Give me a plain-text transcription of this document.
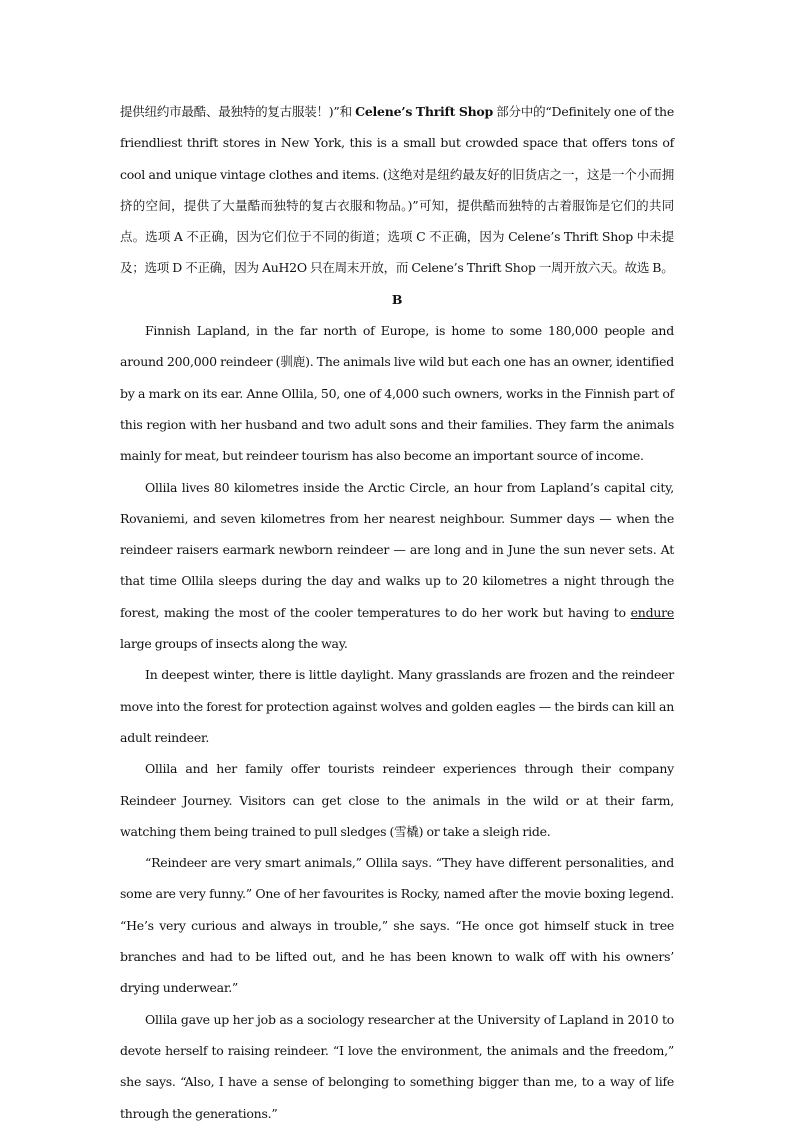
提供纽约市最酷、最独特的复古服装！)”和 Celene’s Thrift Shop 部分中的“Definitely one of the friendliest thrift stores in New York, this is a small but crowded space that offers tons of cool and unique vintage clothes and items. (这绝对是纽约最友好的旧货店之一，这是一个小而拥挤的空间，提供了大量酷而独特的复古衣服和物品。)”可知，提供酷而独特的古着服饰是它们的共同点。选项 A 不正确，因为它们位于不同的街道；选项 C 不正确，因为 Celene’s Thrift Shop 中未提及；选项 D 不正确，因为 AuH2O 只在周末开放，而 Celene’s Thrift Shop 一周开放六天。故选 B。

B

Finnish Lapland, in the far north of Europe, is home to some 180,000 people and around 200,000 reindeer (驯鹿). The animals live wild but each one has an owner, identified by a mark on its ear. Anne Ollila, 50, one of 4,000 such owners, works in the Finnish part of this region with her husband and two adult sons and their families. They farm the animals mainly for meat, but reindeer tourism has also become an important source of income.

Ollila lives 80 kilometres inside the Arctic Circle, an hour from Lapland’s capital city, Rovaniemi, and seven kilometres from her nearest neighbour. Summer days — when the reindeer raisers earmark newborn reindeer — are long and in June the sun never sets. At that time Ollila sleeps during the day and walks up to 20 kilometres a night through the forest, making the most of the cooler temperatures to do her work but having to endure large groups of insects along the way.

In deepest winter, there is little daylight. Many grasslands are frozen and the reindeer move into the forest for protection against wolves and golden eagles — the birds can kill an adult reindeer.

Ollila and her family offer tourists reindeer experiences through their company Reindeer Journey. Visitors can get close to the animals in the wild or at their farm, watching them being trained to pull sledges (雪橇) or take a sleigh ride.

“Reindeer are very smart animals,” Ollila says. “They have different personalities, and some are very funny.” One of her favourites is Rocky, named after the movie boxing legend. “He’s very curious and always in trouble,” she says. “He once got himself stuck in tree branches and had to be lifted out, and he has been known to walk off with his owners’ drying underwear.”

Ollila gave up her job as a sociology researcher at the University of Lapland in 2010 to devote herself to raising reindeer. “I love the environment, the animals and the freedom,” she says. “Also, I have a sense of belonging to something bigger than me, to a way of life through the generations.”
